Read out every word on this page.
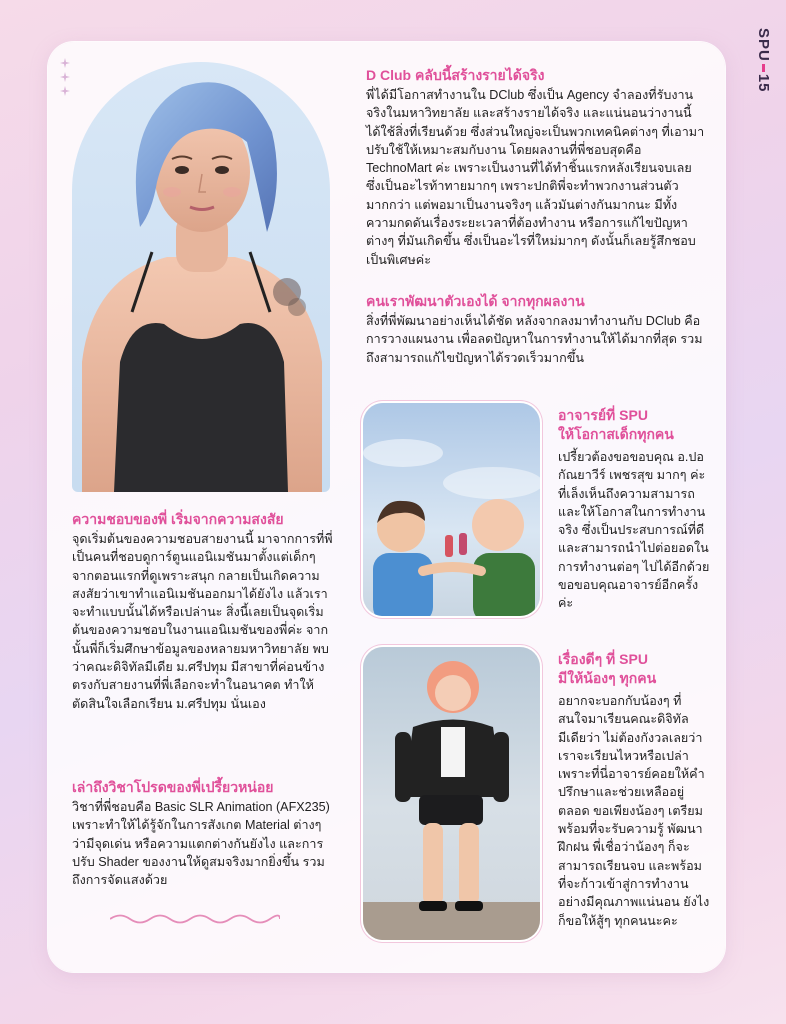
SPU15
D Club คลับนี้สร้างรายได้จริง

พี่ได้มีโอกาสทำงานใน DClub ซึ่งเป็น Agency จำลองที่รับงานจริงในมหาวิทยาลัย และสร้างรายได้จริง และแน่นอนว่างานนี้ได้ใช้สิ่งที่เรียนด้วย ซึ่งส่วนใหญ่จะเป็นพวกเทคนิคต่างๆ ที่เอามาปรับใช้ให้เหมาะสมกับงาน โดยผลงานที่พี่ชอบสุดคือ TechnoMart ค่ะ เพราะเป็นงานที่ได้ทำชิ้นแรกหลังเรียนจบเลย ซึ่งเป็นอะไรท้าทายมากๆ เพราะปกติพี่จะทำพวกงานส่วนตัวมากกว่า แต่พอมาเป็นงานจริงๆ แล้วมันต่างกันมากนะ มีทั้งความกดดันเรื่องระยะเวลาที่ต้องทำงาน หรือการแก้ไขปัญหาต่างๆ ที่มันเกิดขึ้น ซึ่งเป็นอะไรที่ใหม่มากๆ ดังนั้นก็เลยรู้สึกชอบเป็นพิเศษค่ะ

คนเราพัฒนาตัวเองได้ จากทุกผลงาน

สิ่งที่พี่พัฒนาอย่างเห็นได้ชัด หลังจากลงมาทำงานกับ DClub คือการวางแผนงาน เพื่อลดปัญหาในการทำงานให้ได้มากที่สุด รวมถึงสามารถแก้ไขปัญหาได้รวดเร็วมากขึ้น

อาจารย์ที่ SPU
ให้โอกาสเด็กทุกคน

เปรี้ยวต้องขอขอบคุณ อ.ปอ กัณยาวีร์ เพชรสุข มากๆ ค่ะ ที่เล็งเห็นถึงความสามารถ และให้โอกาสในการทำงานจริง ซึ่งเป็นประสบการณ์ที่ดี และสามารถนำไปต่อยอดในการทำงานต่อๆ ไปได้อีกด้วย ขอขอบคุณอาจารย์อีกครั้งค่ะ

ความชอบของพี่ เริ่มจากความสงสัย

จุดเริ่มต้นของความชอบสายงานนี้ มาจากการที่พี่เป็นคนที่ชอบดูการ์ตูนแอนิเมชันมาตั้งแต่เด็กๆ จากตอนแรกที่ดูเพราะสนุก กลายเป็นเกิดความสงสัยว่าเขาทำแอนิเมชันออกมาได้ยังไง แล้วเราจะทำแบบนั้นได้หรือเปล่านะ สิ่งนี้เลยเป็นจุดเริ่มต้นของความชอบในงานแอนิเมชันของพี่ค่ะ จากนั้นพี่ก็เริ่มศึกษาข้อมูลของหลายมหาวิทยาลัย พบว่าคณะดิจิทัลมีเดีย ม.ศรีปทุม มีสาขาที่ค่อนข้างตรงกับสายงานที่พี่เลือกจะทำในอนาคต ทำให้ตัดสินใจเลือกเรียน ม.ศรีปทุม นั่นเอง

เล่าถึงวิชาโปรดของพี่เปรี้ยวหน่อย

วิชาที่พี่ชอบคือ Basic SLR Animation (AFX235) เพราะทำให้ได้รู้จักในการสังเกต Material ต่างๆ ว่ามีจุดเด่น หรือความแตกต่างกันยังไง และการปรับ Shader ของงานให้ดูสมจริงมากยิ่งขึ้น รวมถึงการจัดแสงด้วย

เรื่องดีๆ ที่ SPU
มีให้น้องๆ ทุกคน

อยากจะบอกกับน้องๆ ที่สนใจมาเรียนคณะดิจิทัลมีเดียว่า ไม่ต้องกังวลเลยว่าเราจะเรียนไหวหรือเปล่า เพราะที่นี่อาจารย์คอยให้คำปรึกษาและช่วยเหลืออยู่ตลอด ขอเพียงน้องๆ เตรียมพร้อมที่จะรับความรู้ พัฒนา ฝึกฝน พี่เชื่อว่าน้องๆ ก็จะสามารถเรียนจบ และพร้อมที่จะก้าวเข้าสู่การทำงานอย่างมีคุณภาพแน่นอน ยังไงก็ขอให้สู้ๆ ทุกคนนะคะ
